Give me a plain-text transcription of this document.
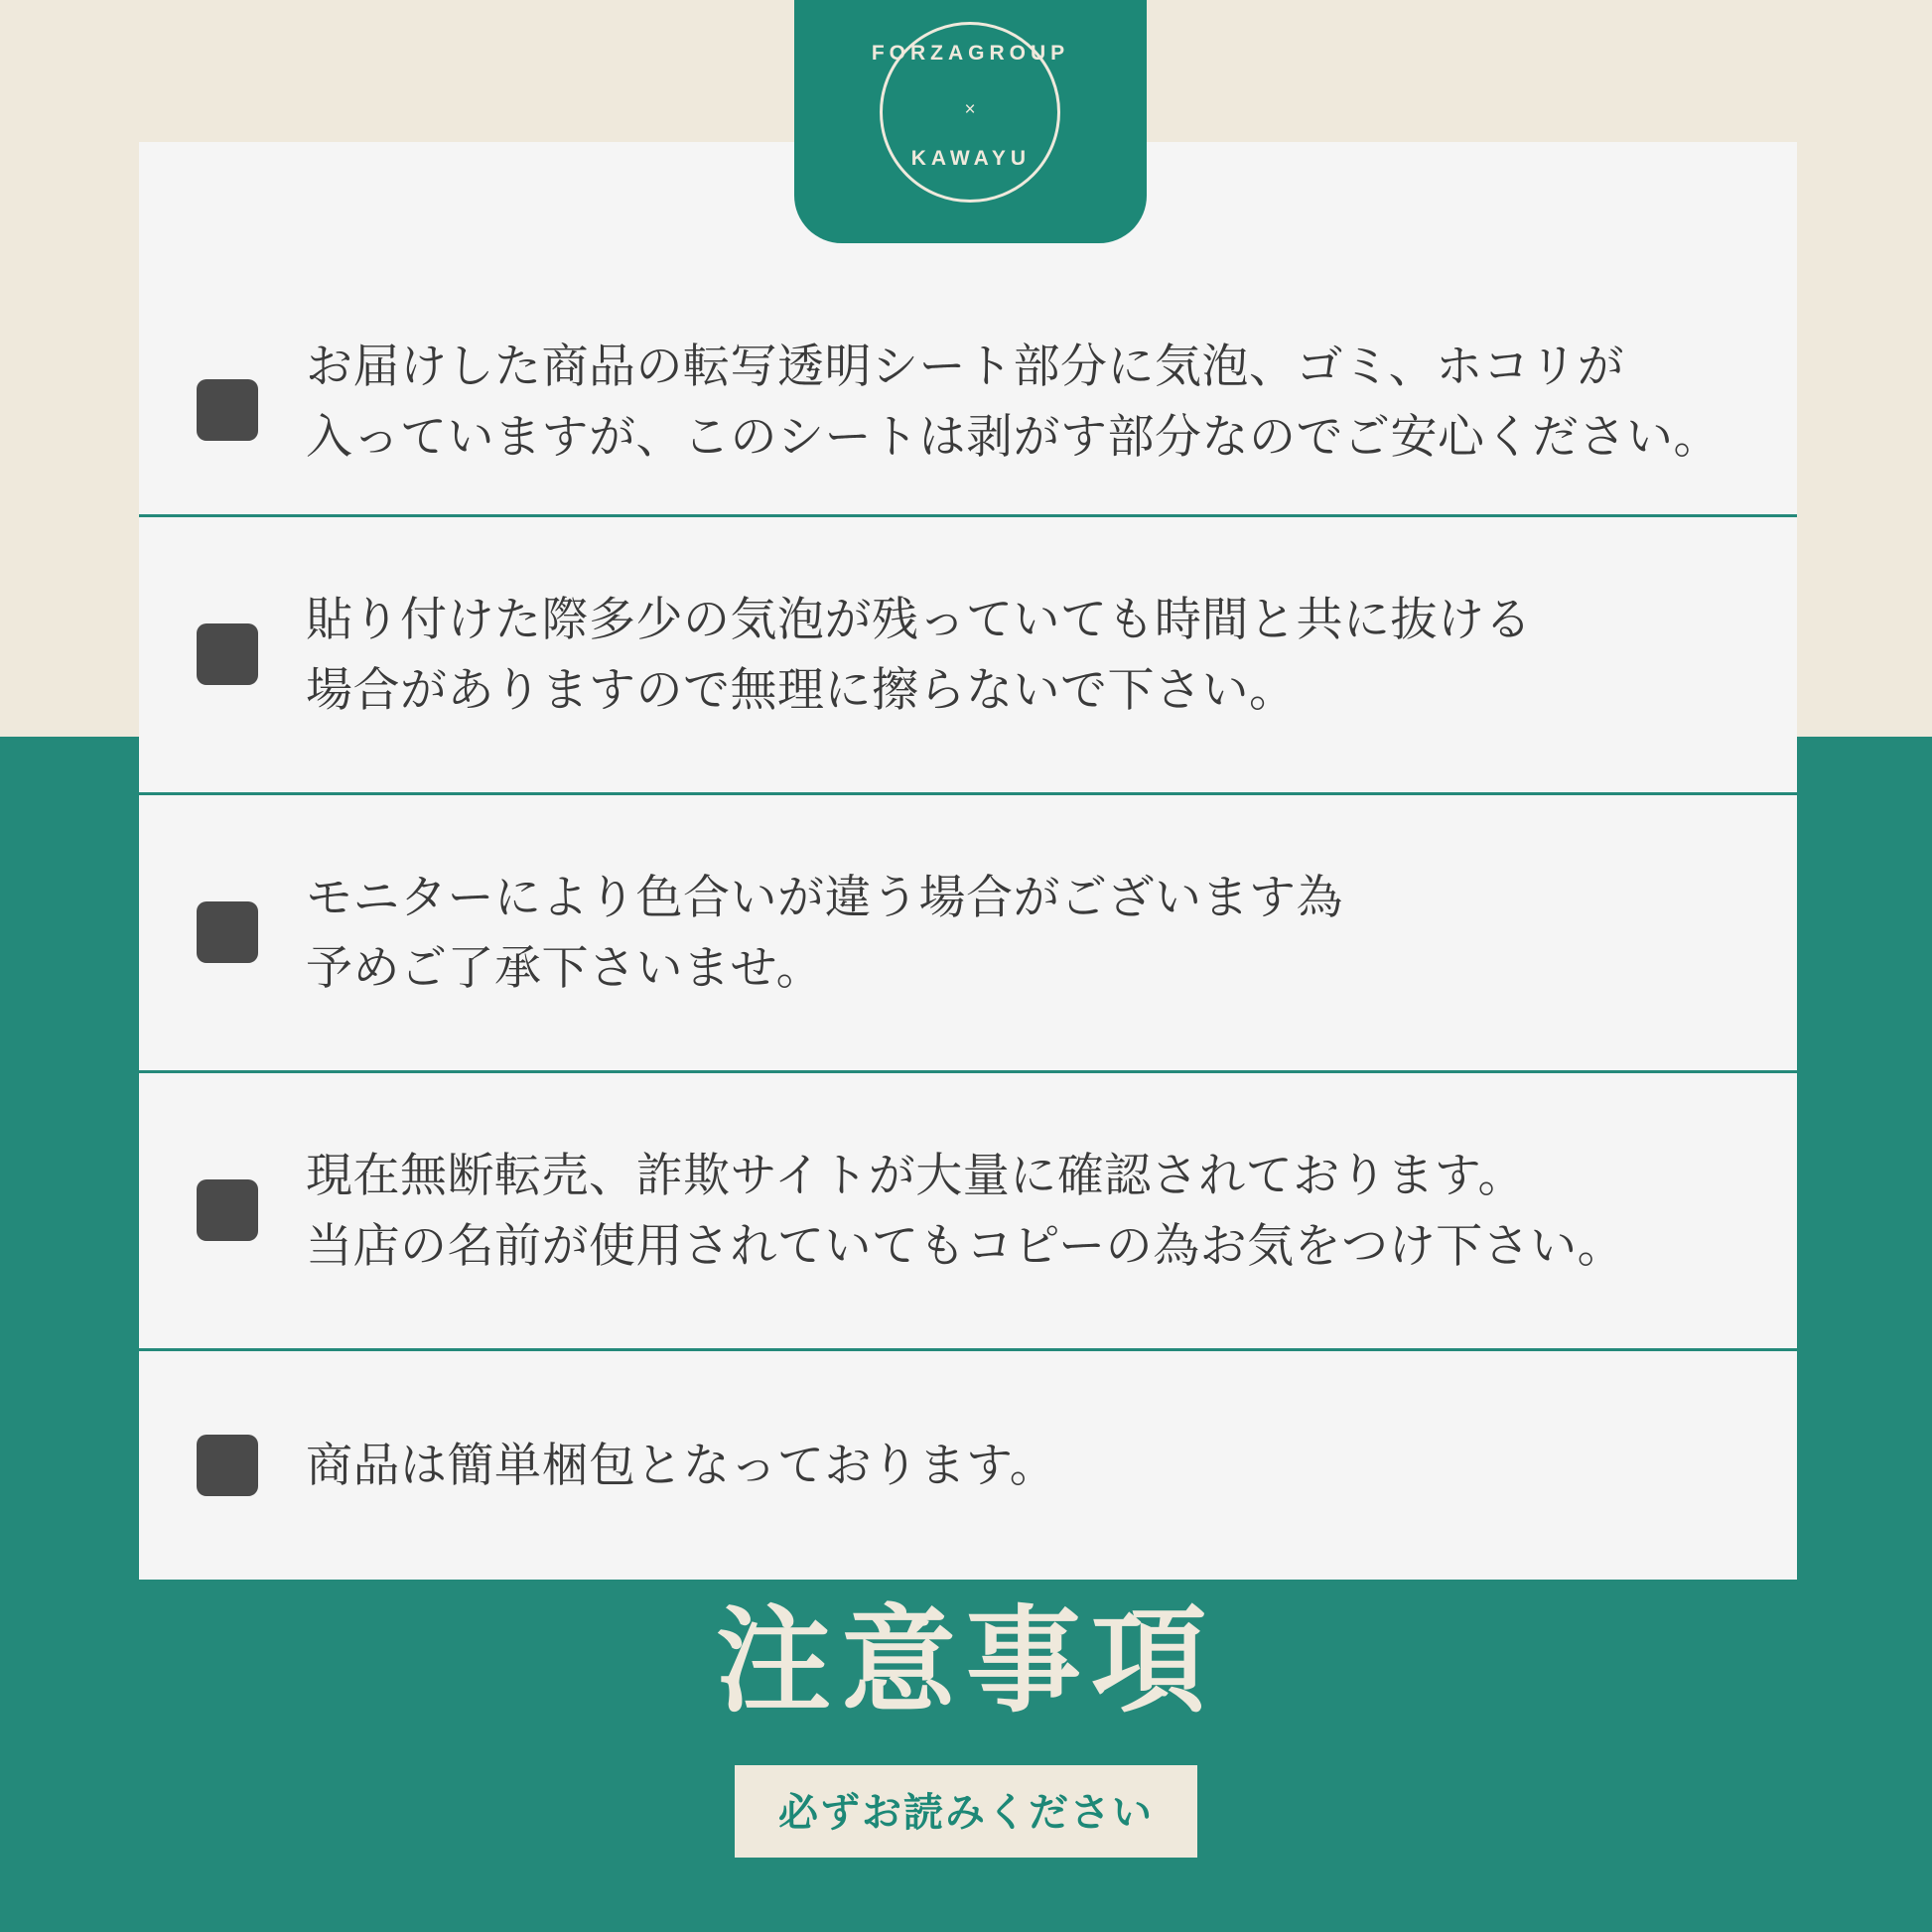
FORZAGROUP
×
KAWAYU
お届けした商品の転写透明シート部分に気泡、ゴミ、ホコリが
入っていますが、このシートは剥がす部分なのでご安心ください。
貼り付けた際多少の気泡が残っていても時間と共に抜ける
場合がありますので無理に擦らないで下さい。
モニターにより色合いが違う場合がございます為
予めご了承下さいませ。
現在無断転売、詐欺サイトが大量に確認されております。
当店の名前が使用されていてもコピーの為お気をつけ下さい。
商品は簡単梱包となっております。
注意事項
必ずお読みください
